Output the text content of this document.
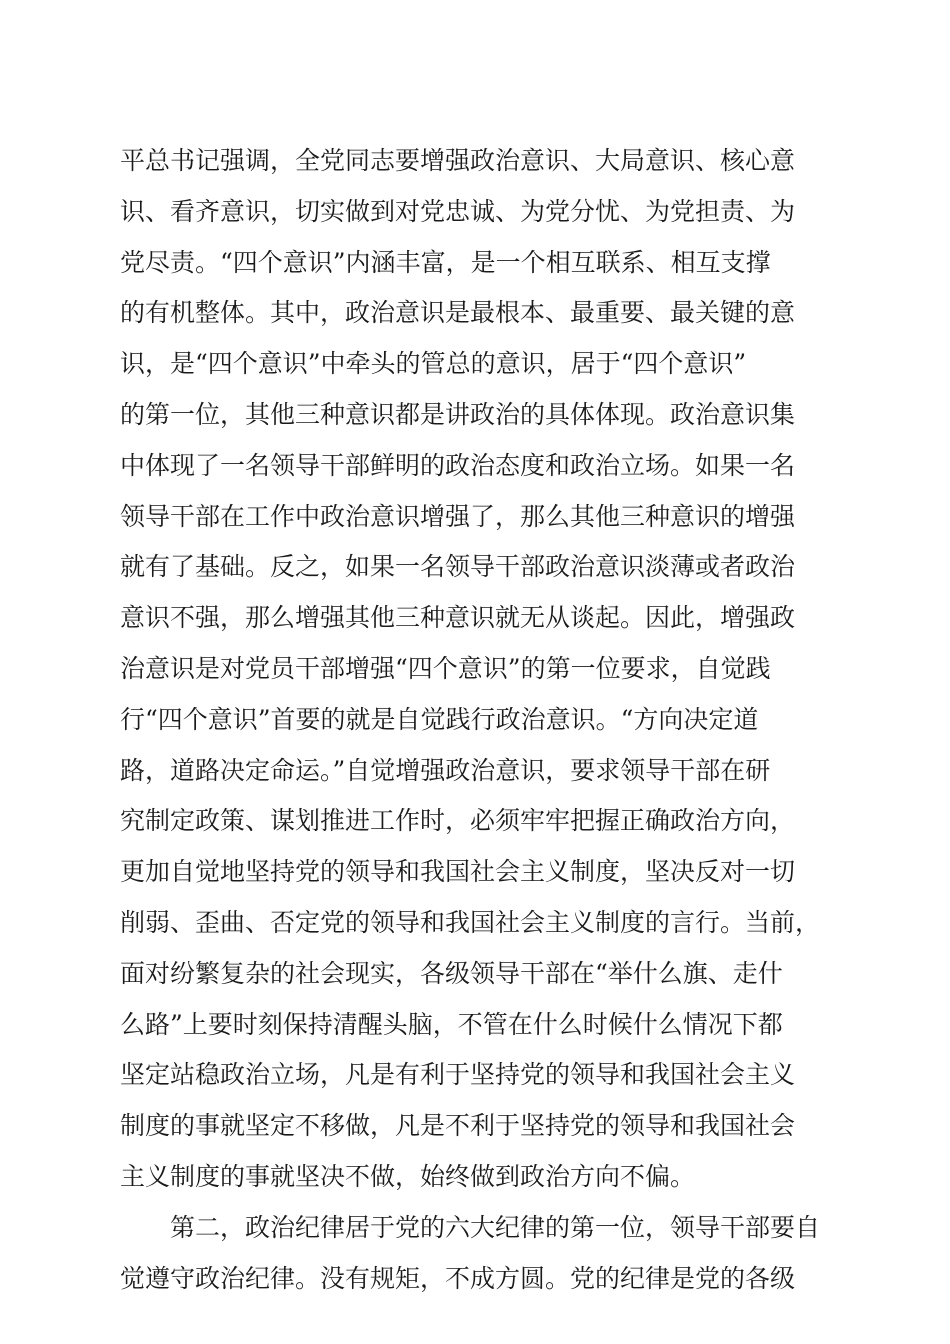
平总书记强调，全党同志要增强政治意识、大局意识、核心意
识、看齐意识，切实做到对党忠诚、为党分忧、为党担责、为
党尽责。“四个意识”内涵丰富，是一个相互联系、相互支撑
的有机整体。其中，政治意识是最根本、最重要、最关键的意
识，是“四个意识”中牵头的管总的意识，居于“四个意识”
的第一位，其他三种意识都是讲政治的具体体现。政治意识集
中体现了一名领导干部鲜明的政治态度和政治立场。如果一名
领导干部在工作中政治意识增强了，那么其他三种意识的增强
就有了基础。反之，如果一名领导干部政治意识淡薄或者政治
意识不强，那么增强其他三种意识就无从谈起。因此，增强政
治意识是对党员干部增强“四个意识”的第一位要求，自觉践
行“四个意识”首要的就是自觉践行政治意识。“方向决定道
路，道路决定命运。”自觉增强政治意识，要求领导干部在研
究制定政策、谋划推进工作时，必须牢牢把握正确政治方向，
更加自觉地坚持党的领导和我国社会主义制度，坚决反对一切
削弱、歪曲、否定党的领导和我国社会主义制度的言行。当前，
面对纷繁复杂的社会现实，各级领导干部在“举什么旗、走什
么路”上要时刻保持清醒头脑，不管在什么时候什么情况下都
坚定站稳政治立场，凡是有利于坚持党的领导和我国社会主义
制度的事就坚定不移做，凡是不利于坚持党的领导和我国社会
主义制度的事就坚决不做，始终做到政治方向不偏。
　　第二，政治纪律居于党的六大纪律的第一位，领导干部要自
觉遵守政治纪律。没有规矩，不成方圆。党的纪律是党的各级
